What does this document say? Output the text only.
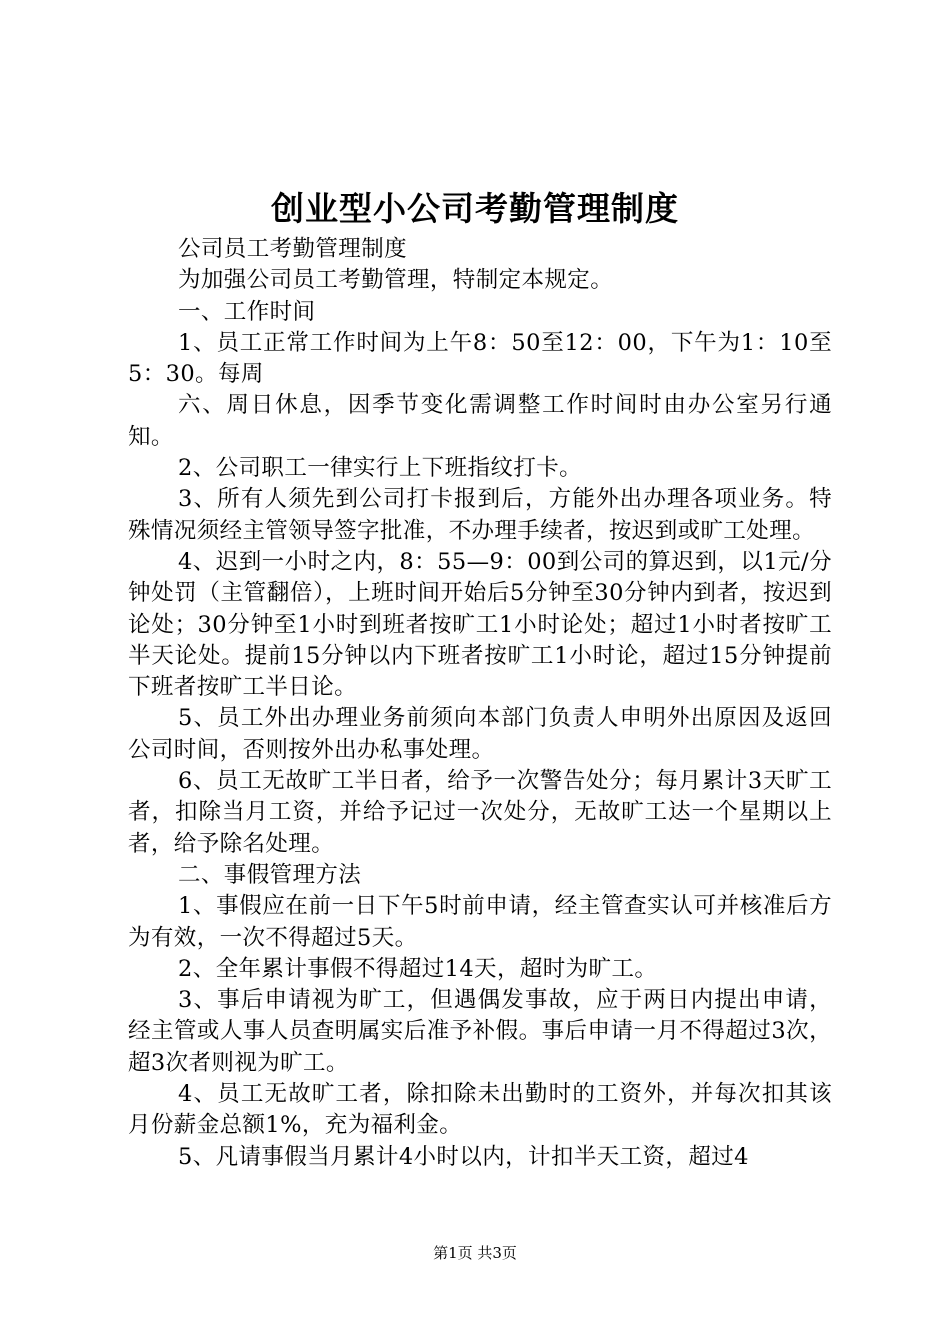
创业型小公司考勤管理制度

公司员工考勤管理制度

为加强公司员工考勤管理，特制定本规定。

一、工作时间

1、员工正常工作时间为上午8：50至12：00，下午为1：10至5：30。每周

六、周日休息，因季节变化需调整工作时间时由办公室另行通知。

2、公司职工一律实行上下班指纹打卡。

3、所有人须先到公司打卡报到后，方能外出办理各项业务。特殊情况须经主管领导签字批准，不办理手续者，按迟到或旷工处理。

4、迟到一小时之内，8：55—9：00到公司的算迟到，以1元/分钟处罚（主管翻倍），上班时间开始后5分钟至30分钟内到者，按迟到论处；30分钟至1小时到班者按旷工1小时论处；超过1小时者按旷工半天论处。提前15分钟以内下班者按旷工1小时论，超过15分钟提前下班者按旷工半日论。

5、员工外出办理业务前须向本部门负责人申明外出原因及返回公司时间，否则按外出办私事处理。

6、员工无故旷工半日者，给予一次警告处分；每月累计3天旷工者，扣除当月工资，并给予记过一次处分，无故旷工达一个星期以上者，给予除名处理。

二、事假管理方法

1、事假应在前一日下午5时前申请，经主管查实认可并核准后方为有效，一次不得超过5天。

2、全年累计事假不得超过14天，超时为旷工。

3、事后申请视为旷工，但遇偶发事故，应于两日内提出申请，经主管或人事人员查明属实后准予补假。事后申请一月不得超过3次，超3次者则视为旷工。

4、员工无故旷工者，除扣除未出勤时的工资外，并每次扣其该月份薪金总额1%，充为福利金。

5、凡请事假当月累计4小时以内，计扣半天工资，超过4

第1页 共3页
